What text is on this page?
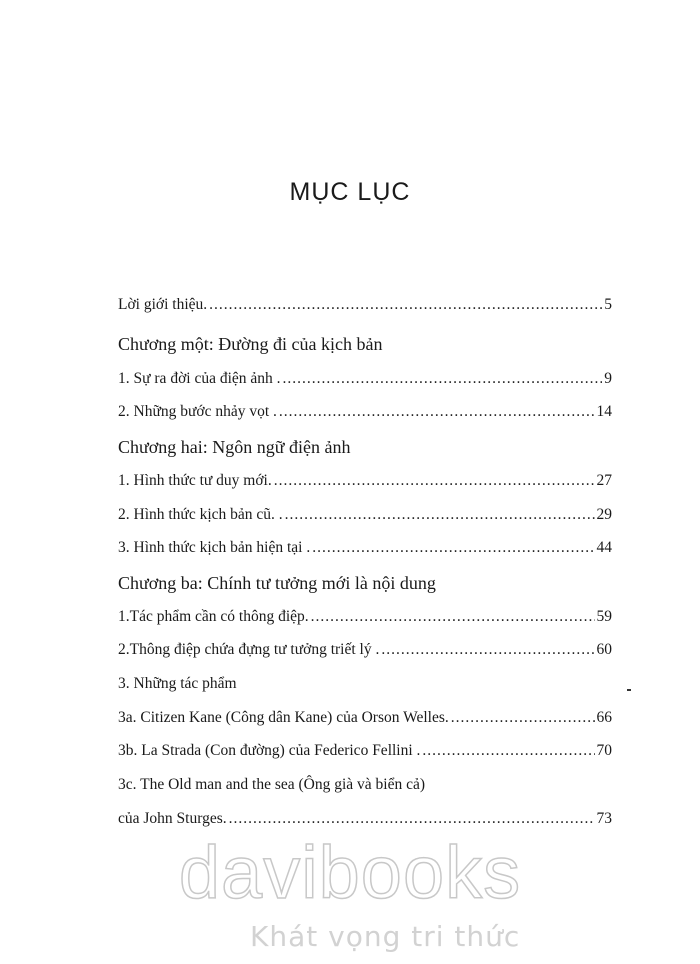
MỤC LỤC
Lời giới thiệu. .....	5
Chương một: Đường đi của kịch bản
1. Sự ra đời của điện ảnh . .....	9
2. Những bước nhảy vọt . .....	14
Chương hai: Ngôn ngữ điện ảnh
1. Hình thức tư duy mới. .....	27
2. Hình thức kịch bản cũ. . .....	29
3. Hình thức kịch bản hiện tại . .....	44
Chương ba: Chính tư tưởng mới là nội dung
1.Tác phẩm cần có thông điệp. .....	59
2.Thông điệp chứa đựng tư tưởng triết lý . .....	60
3. Những tác phẩm
3a. Citizen Kane (Công dân Kane) của Orson Welles. .....	66
3b. La Strada (Con đường) của Federico Fellini . .....	70
3c. The Old man and the sea (Ông già và biển cả)
của John Sturges. .....	73
davibooks
Khát vọng tri thức
